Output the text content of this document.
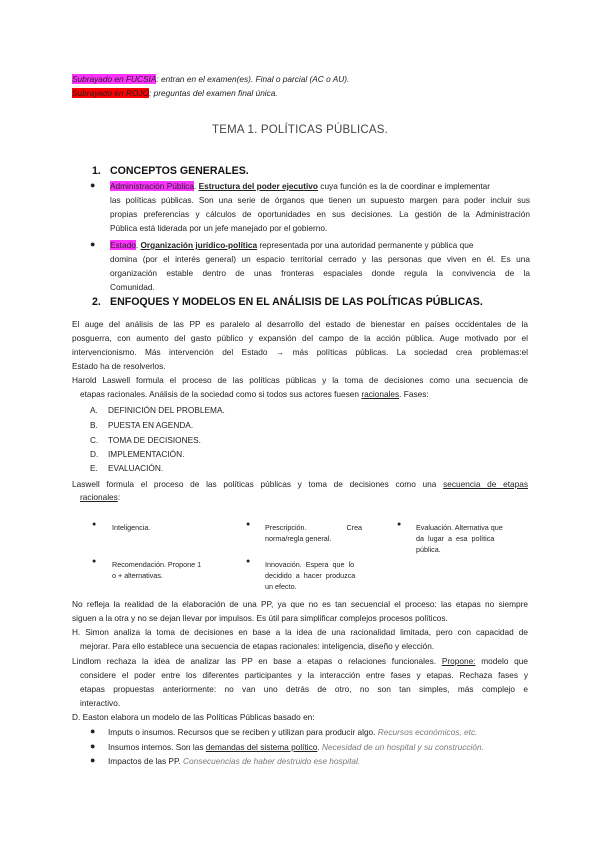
Subrayado en FUCSIA: entran en el examen(es). Final o parcial (AC o AU).
Subrayado en ROJO: preguntas del examen final única.
TEMA 1. POLÍTICAS PÚBLICAS.
1. CONCEPTOS GENERALES.
● Administración Pública. Estructura del poder ejecutivo cuya función es la de coordinar e implementar
las políticas públicas. Son una serie de órganos que tienen un supuesto margen para poder incluir sus
propias preferencias y cálculos de oportunidades en sus decisiones. La gestión de la Administración
Pública está liderada por un jefe manejado por el gobierno.
● Estado. Organización jurídico-política representada por una autoridad permanente y pública que
domina (por el interés general) un espacio territorial cerrado y las personas que viven en él. Es una
organización estable dentro de unas fronteras espaciales donde regula la convivencia de la
Comunidad.
2. ENFOQUES Y MODELOS EN EL ANÁLISIS DE LAS POLÍTICAS PÚBLICAS.
El auge del análisis de las PP es paralelo al desarrollo del estado de bienestar en países occidentales de la
posguerra, con aumento del gasto público y expansión del campo de la acción pública. Auge motivado por el
intervencionismo. Más intervención del Estado → más políticas públicas. La sociedad crea problemas:el
Estado ha de resolverlos.
Harold Laswell formula el proceso de las políticas públicas y la toma de decisiones como una secuencia de
etapas racionales. Análisis de la sociedad como si todos sus actores fuesen racionales. Fases:
A. DEFINICIÓN DEL PROBLEMA.
B. PUESTA EN AGENDA.
C. TOMA DE DECISIONES.
D. IMPLEMENTACIÓN.
E. EVALUACIÓN.
Laswell formula el proceso de las políticas públicas y toma de decisiones como una secuencia de etapas
racionales:
● Inteligencia.	● Prescripción.                    Crea
norma/regla general.
● Evaluación. Alternativa que
da  lugar  a  esa  política
pública.
● Recomendación. Propone 1
o + alternativas.
● Innovación.  Espera  que  lo
decidido  a  hacer  produzca
un efecto.
No refleja la realidad de la elaboración de una PP, ya que no es tan secuencial el proceso: las etapas no siempre
siguen a la otra y no se dejan llevar por impulsos. Es útil para simplificar complejos procesos políticos.
H. Simon analiza la toma de decisiones en base a la idea de una racionalidad limitada, pero con capacidad de
mejorar. Para ello establece una secuencia de etapas racionales: inteligencia, diseño y elección.
Lindlom rechaza la idea de analizar las PP en base a etapas o relaciones funcionales. Propone: modelo que
considere el poder entre los diferentes participantes y la interacción entre fases y etapas. Rechaza fases y
etapas propuestas anteriormente: no van uno detrás de otro, no son tan simples, más complejo e
interactivo.
D. Easton elabora un modelo de las Políticas Públicas basado en:
● Imputs o insumos. Recursos que se reciben y utilizan para producir algo. Recursos económicos, etc.
● Insumos internos. Son las demandas del sistema político. Necesidad de un hospital y su construcción.
● Impactos de las PP. Consecuencias de haber destruido ese hospital.
